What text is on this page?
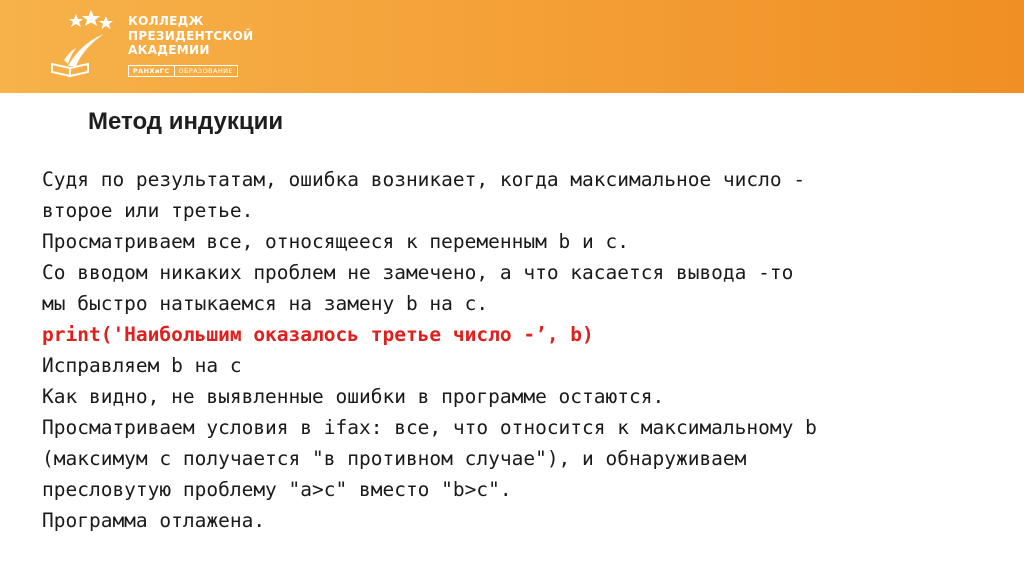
КОЛЛЕДЖ
ПРЕЗИДЕНТСКОЙ
АКАДЕМИИ
РАНХиГС	ОБРАЗОВАНИЕ
Метод индукции
Судя по результатам, ошибка возникает, когда максимальное число -
второе или третье.
Просматриваем все, относящееся к переменным b и c.
Со вводом никаких проблем не замечено, а что касается вывода -то
мы быстро натыкаемся на замену b на c.
print('Наибольшим оказалось третье число -’, b)
Исправляем b на c
Как видно, не выявленные ошибки в программе остаются.
Просматриваем условия в ifах: все, что относится к максимальному b
(максимум c получается "в противном случае"), и обнаруживаем
пресловутую проблему "a>c" вместо "b>c".
Программа отлажена.
